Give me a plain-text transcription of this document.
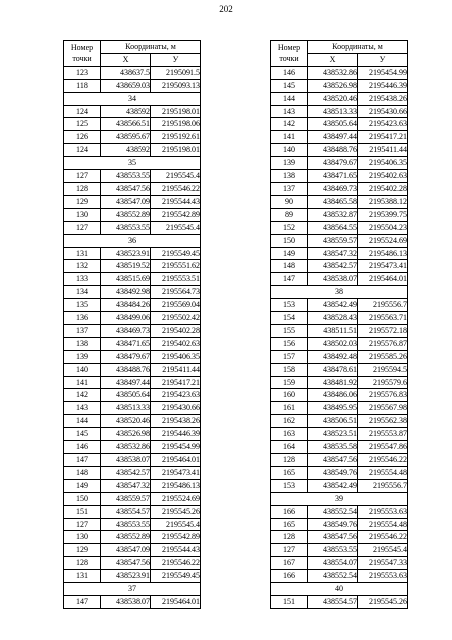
202
Номер
точки	Координаты, м	
	X	У
123	438637.5	2195091.5
118	438659.03	2195093.13
34		
124	438592	2195198.01
125	438566.51	2195198.06
126	438595.67	2195192.61
124	438592	2195198.01
35		
127	438553.55	2195545.4
128	438547.56	2195546.22
129	438547.09	2195544.43
130	438552.89	2195542.89
127	438553.55	2195545.4
36		
131	438523.91	2195549.45
132	438519.52	2195551.62
133	438515.69	2195553.51
134	438492.98	2195564.73
135	438484.26	2195569.04
136	438499.06	2195502.42
137	438469.73	2195402.28
138	438471.65	2195402.63
139	438479.67	2195406.35
140	438488.76	2195411.44
141	438497.44	2195417.21
142	438505.64	2195423.63
143	438513.33	2195430.66
144	438520.46	2195438.26
145	438526.98	2195446.39
146	438532.86	2195454.99
147	438538.07	2195464.01
148	438542.57	2195473.41
149	438547.32	2195486.13
150	438559.57	2195524.69
151	438554.57	2195545.26
127	438553.55	2195545.4
130	438552.89	2195542.89
129	438547.09	2195544.43
128	438547.56	2195546.22
131	438523.91	2195549.45
37		
147	438538.07	2195464.01
Номер
точки	Координаты, м	
	X	У
146	438532.86	2195454.99
145	438526.98	2195446.39
144	438520.46	2195438.26
143	438513.33	2195430.66
142	438505.64	2195423.63
141	438497.44	2195417.21
140	438488.76	2195411.44
139	438479.67	2195406.35
138	438471.65	2195402.63
137	438469.73	2195402.28
90	438465.58	2195388.12
89	438532.87	2195399.75
152	438564.55	2195504.23
150	438559.57	2195524.69
149	438547.32	2195486.13
148	438542.57	2195473.41
147	438538.07	2195464.01
38		
153	438542.49	2195556.7
154	438528.43	2195563.71
155	438511.51	2195572.18
156	438502.03	2195576.87
157	438492.48	2195585.26
158	438478.61	2195594.5
159	438481.92	2195579.6
160	438486.06	2195576.83
161	438495.95	2195567.98
162	438506.51	2195562.38
163	438523.51	2195553.87
164	438535.58	2195547.86
128	438547.56	2195546.22
165	438549.76	2195554.48
153	438542.49	2195556.7
39		
166	438552.54	2195553.63
165	438549.76	2195554.48
128	438547.56	2195546.22
127	438553.55	2195545.4
167	438554.07	2195547.33
166	438552.54	2195553.63
40		
151	438554.57	2195545.26
